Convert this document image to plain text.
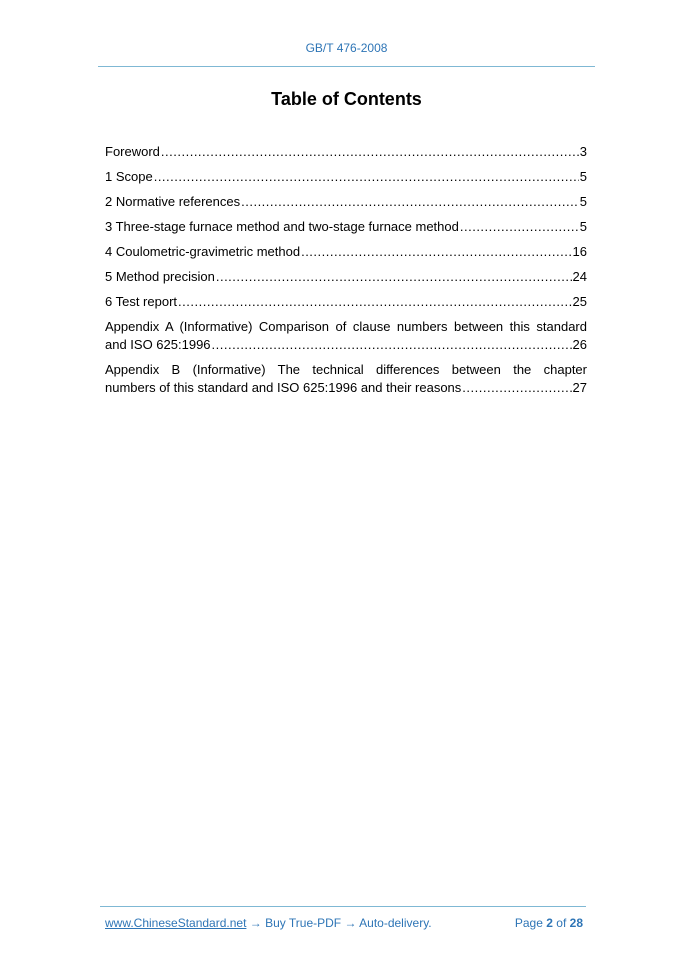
GB/T 476-2008
Table of Contents
Foreword .....	3
1 Scope .....	5
2 Normative references .....	5
3 Three-stage furnace method and two-stage furnace method .....	5
4 Coulometric-gravimetric method .....	16
5 Method precision .....	24
6 Test report .....	25
Appendix A (Informative) Comparison of clause numbers between this standard
and ISO 625:1996 .....	26
Appendix B (Informative) The technical differences between the chapter
numbers of this standard and ISO 625:1996 and their reasons .....	27
www.ChineseStandard.net → Buy True-PDF → Auto-delivery.	Page 2 of 28
